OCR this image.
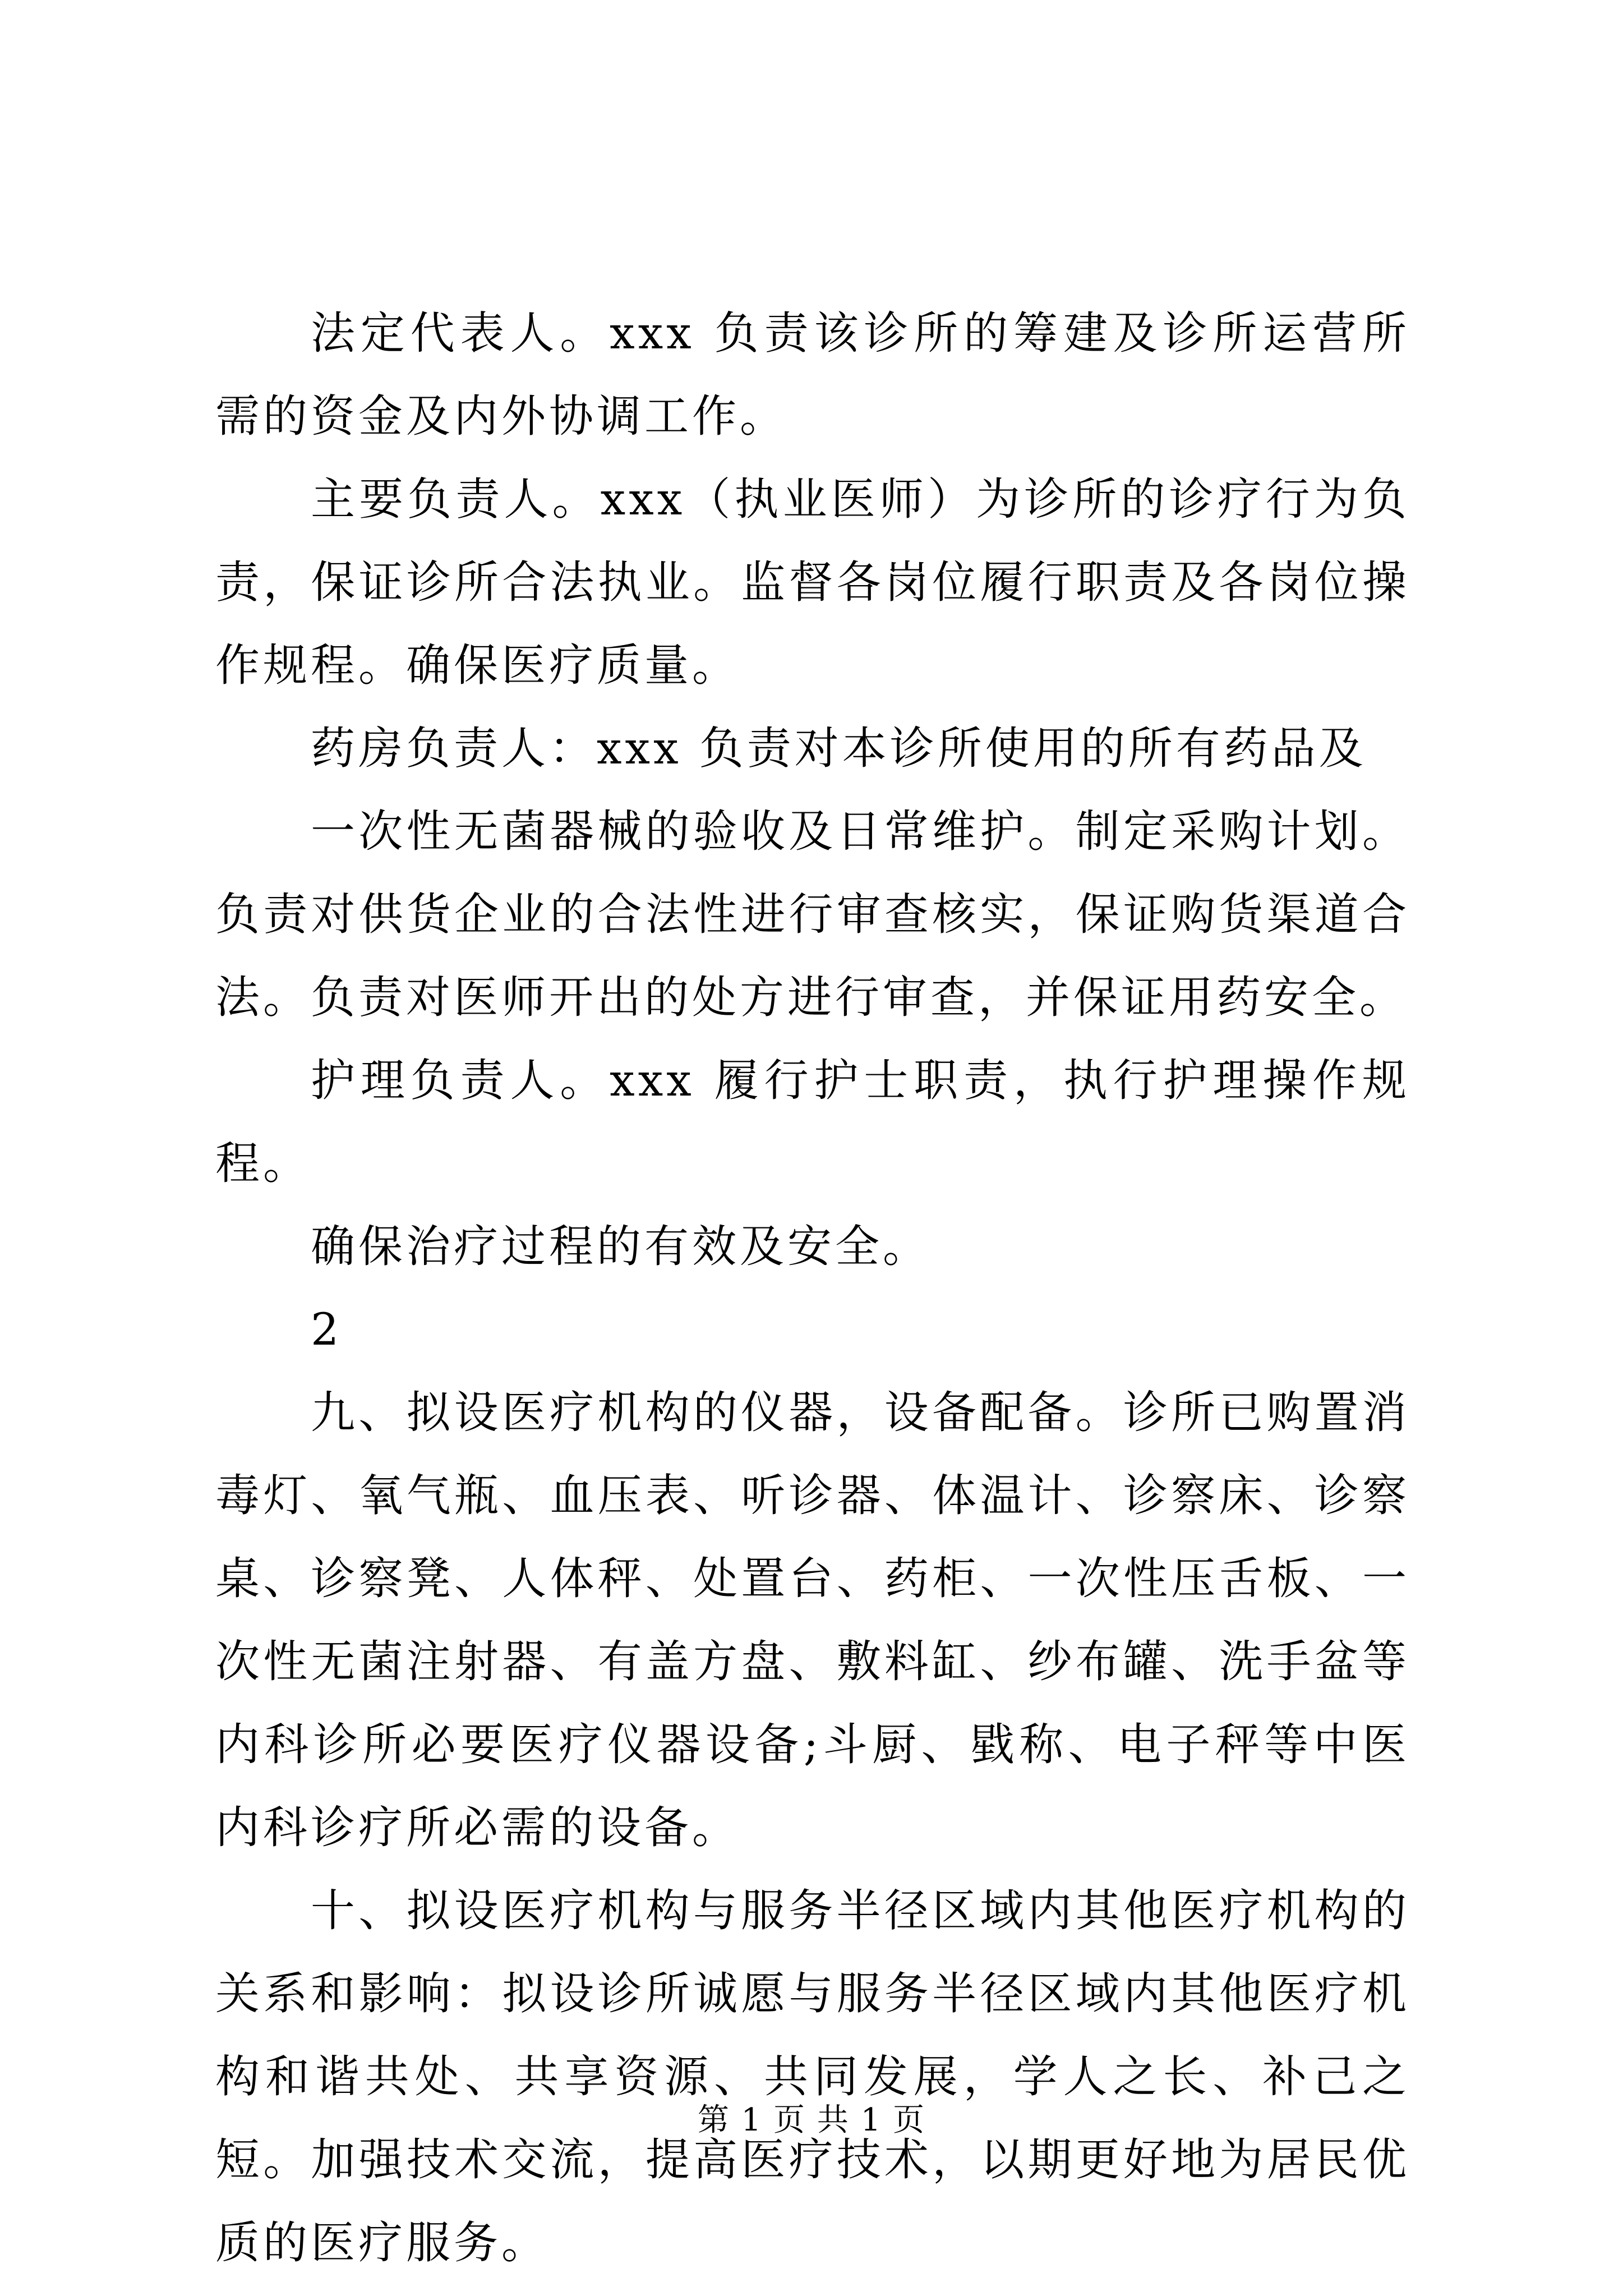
法定代表人。xxx 负责该诊所的筹建及诊所运营所需的资金及内外协调工作。

主要负责人。xxx（执业医师）为诊所的诊疗行为负责，保证诊所合法执业。监督各岗位履行职责及各岗位操作规程。确保医疗质量。

药房负责人：xxx 负责对本诊所使用的所有药品及

一次性无菌器械的验收及日常维护。制定采购计划。负责对供货企业的合法性进行审查核实，保证购货渠道合法。负责对医师开出的处方进行审查，并保证用药安全。

护理负责人。xxx 履行护士职责，执行护理操作规程。

确保治疗过程的有效及安全。

2

九、拟设医疗机构的仪器，设备配备。诊所已购置消毒灯、氧气瓶、血压表、听诊器、体温计、诊察床、诊察桌、诊察凳、人体秤、处置台、药柜、一次性压舌板、一次性无菌注射器、有盖方盘、敷料缸、纱布罐、洗手盆等内科诊所必要医疗仪器设备;斗厨、戥称、电子秤等中医内科诊疗所必需的设备。

十、拟设医疗机构与服务半径区域内其他医疗机构的关系和影响：拟设诊所诚愿与服务半径区域内其他医疗机构和谐共处、共享资源、共同发展，学人之长、补己之短。加强技术交流，提高医疗技术，以期更好地为居民优质的医疗服务。

第 1 页 共 1 页
